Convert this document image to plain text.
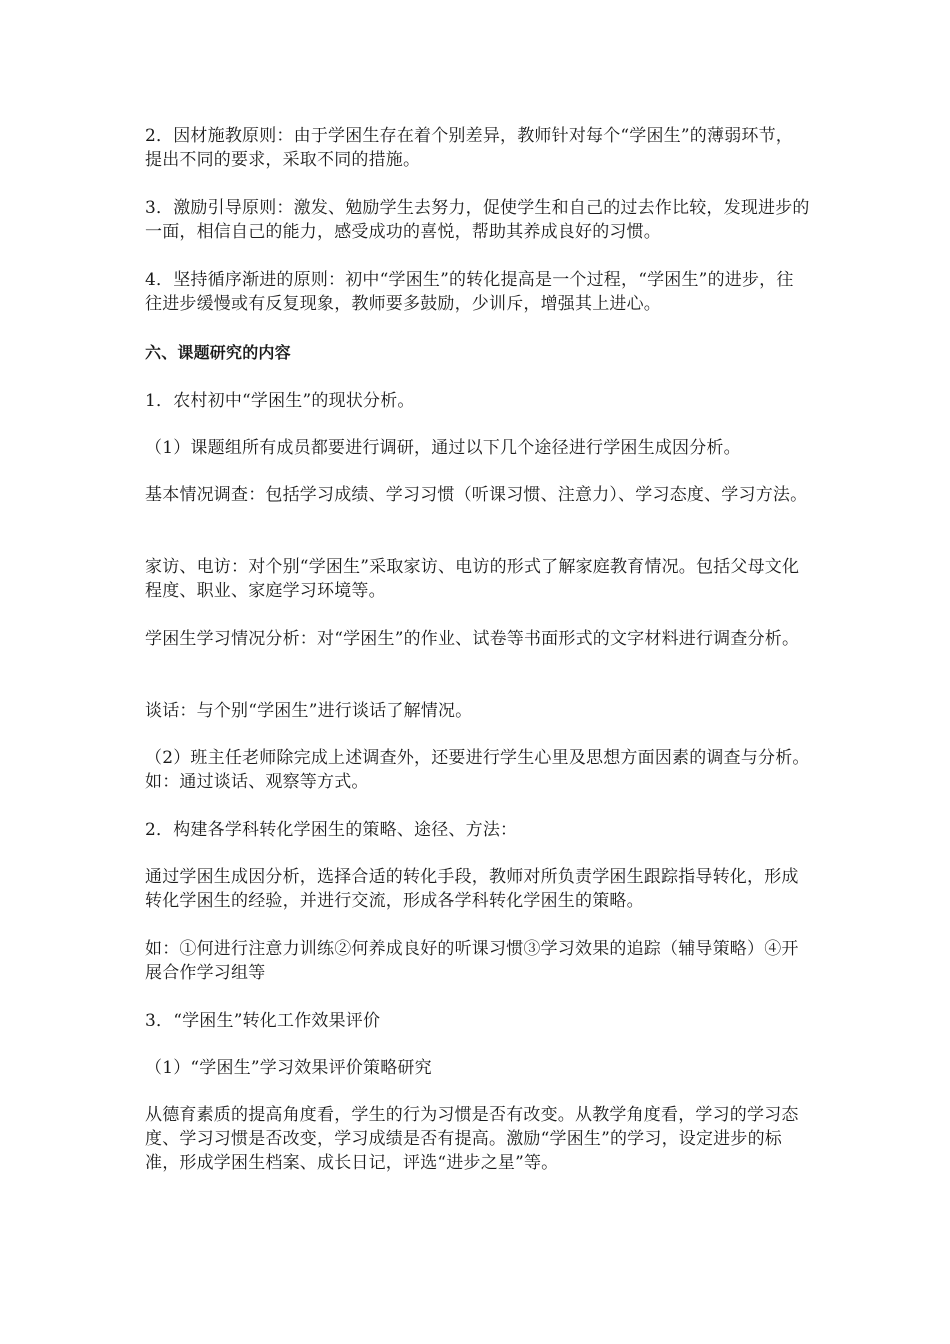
2．因材施教原则：由于学困生存在着个别差异，教师针对每个“学困生”的薄弱环节，提出不同的要求，采取不同的措施。

3．激励引导原则：激发、勉励学生去努力，促使学生和自己的过去作比较，发现进步的一面，相信自己的能力，感受成功的喜悦，帮助其养成良好的习惯。

4．坚持循序渐进的原则：初中“学困生”的转化提高是一个过程，“学困生”的进步，往往进步缓慢或有反复现象，教师要多鼓励，少训斥，增强其上进心。

六、课题研究的内容

1．农村初中“学困生”的现状分析。

（1）课题组所有成员都要进行调研，通过以下几个途径进行学困生成因分析。

基本情况调查：包括学习成绩、学习习惯（听课习惯、注意力）、学习态度、学习方法。

家访、电访：对个别“学困生”采取家访、电访的形式了解家庭教育情况。包括父母文化程度、职业、家庭学习环境等。

学困生学习情况分析：对“学困生”的作业、试卷等书面形式的文字材料进行调查分析。

谈话：与个别“学困生”进行谈话了解情况。

（2）班主任老师除完成上述调查外，还要进行学生心里及思想方面因素的调查与分析。如：通过谈话、观察等方式。

2．构建各学科转化学困生的策略、途径、方法：

通过学困生成因分析，选择合适的转化手段，教师对所负责学困生跟踪指导转化，形成转化学困生的经验，并进行交流，形成各学科转化学困生的策略。

如：①何进行注意力训练②何养成良好的听课习惯③学习效果的追踪（辅导策略）④开展合作学习组等

3．“学困生”转化工作效果评价

（1）“学困生”学习效果评价策略研究

从德育素质的提高角度看，学生的行为习惯是否有改变。从教学角度看，学习的学习态度、学习习惯是否改变，学习成绩是否有提高。激励“学困生”的学习，设定进步的标准，形成学困生档案、成长日记，评选“进步之星”等。
